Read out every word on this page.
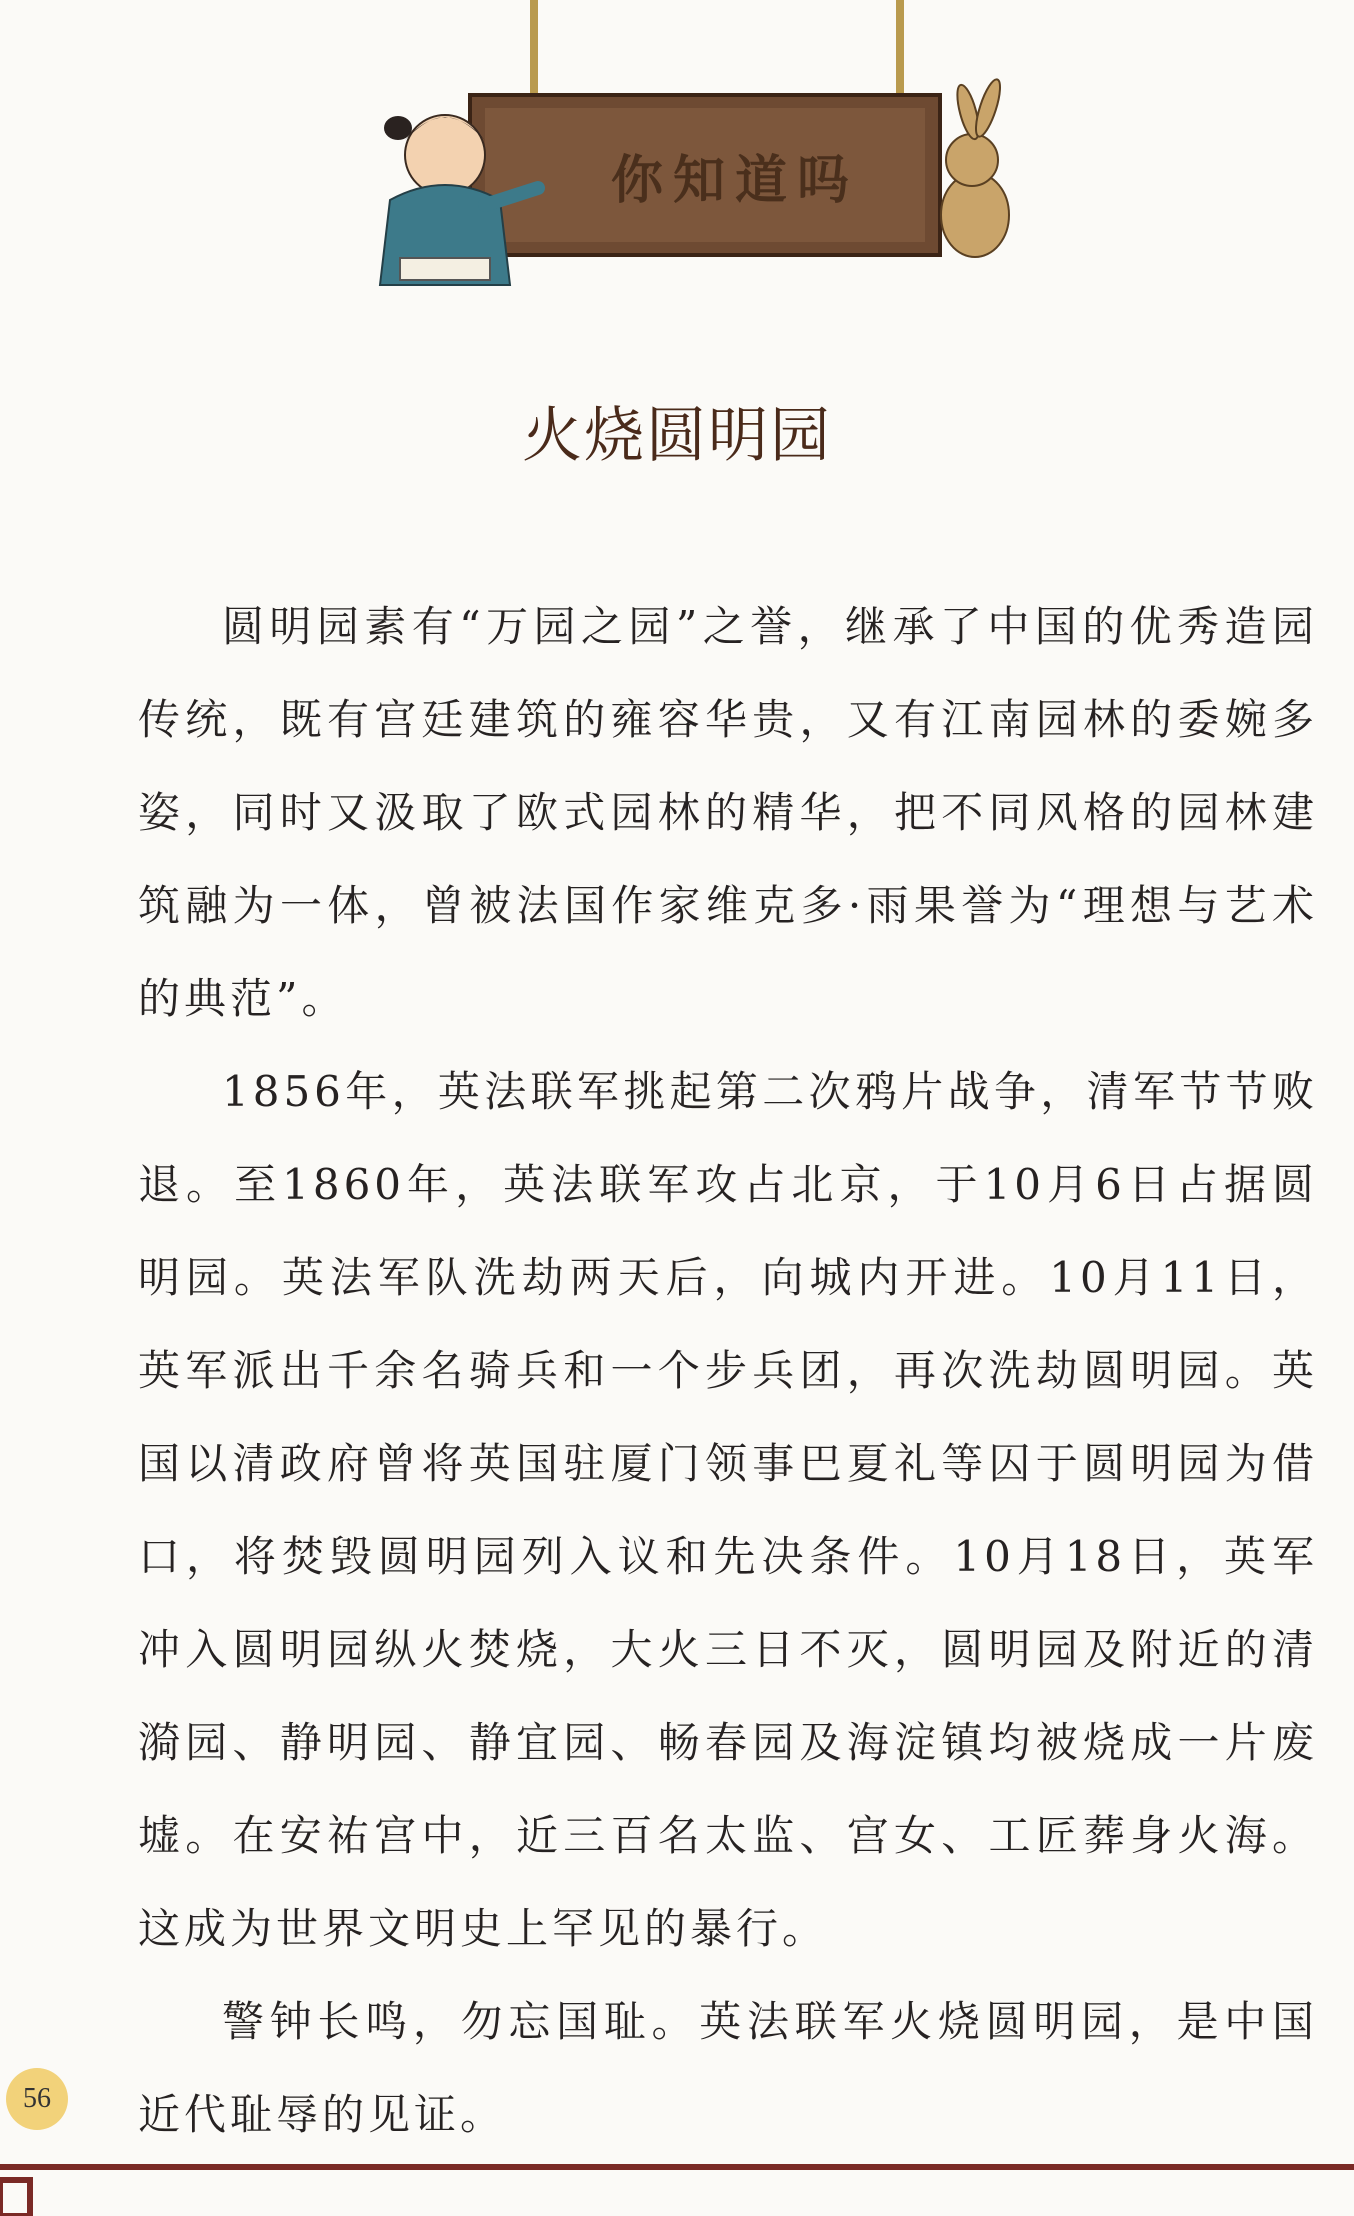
你知道吗
火烧圆明园

圆明园素有“万园之园”之誉，继承了中国的优秀造园传统，既有宫廷建筑的雍容华贵，又有江南园林的委婉多姿，同时又汲取了欧式园林的精华，把不同风格的园林建筑融为一体，曾被法国作家维克多·雨果誉为“理想与艺术的典范”。

1856年，英法联军挑起第二次鸦片战争，清军节节败退。至1860年，英法联军攻占北京，于10月6日占据圆明园。英法军队洗劫两天后，向城内开进。10月11日，英军派出千余名骑兵和一个步兵团，再次洗劫圆明园。英国以清政府曾将英国驻厦门领事巴夏礼等囚于圆明园为借口，将焚毁圆明园列入议和先决条件。10月18日，英军冲入圆明园纵火焚烧，大火三日不灭，圆明园及附近的清漪园、静明园、静宜园、畅春园及海淀镇均被烧成一片废墟。在安祐宫中，近三百名太监、宫女、工匠葬身火海。这成为世界文明史上罕见的暴行。

警钟长鸣，勿忘国耻。英法联军火烧圆明园，是中国近代耻辱的见证。

56
